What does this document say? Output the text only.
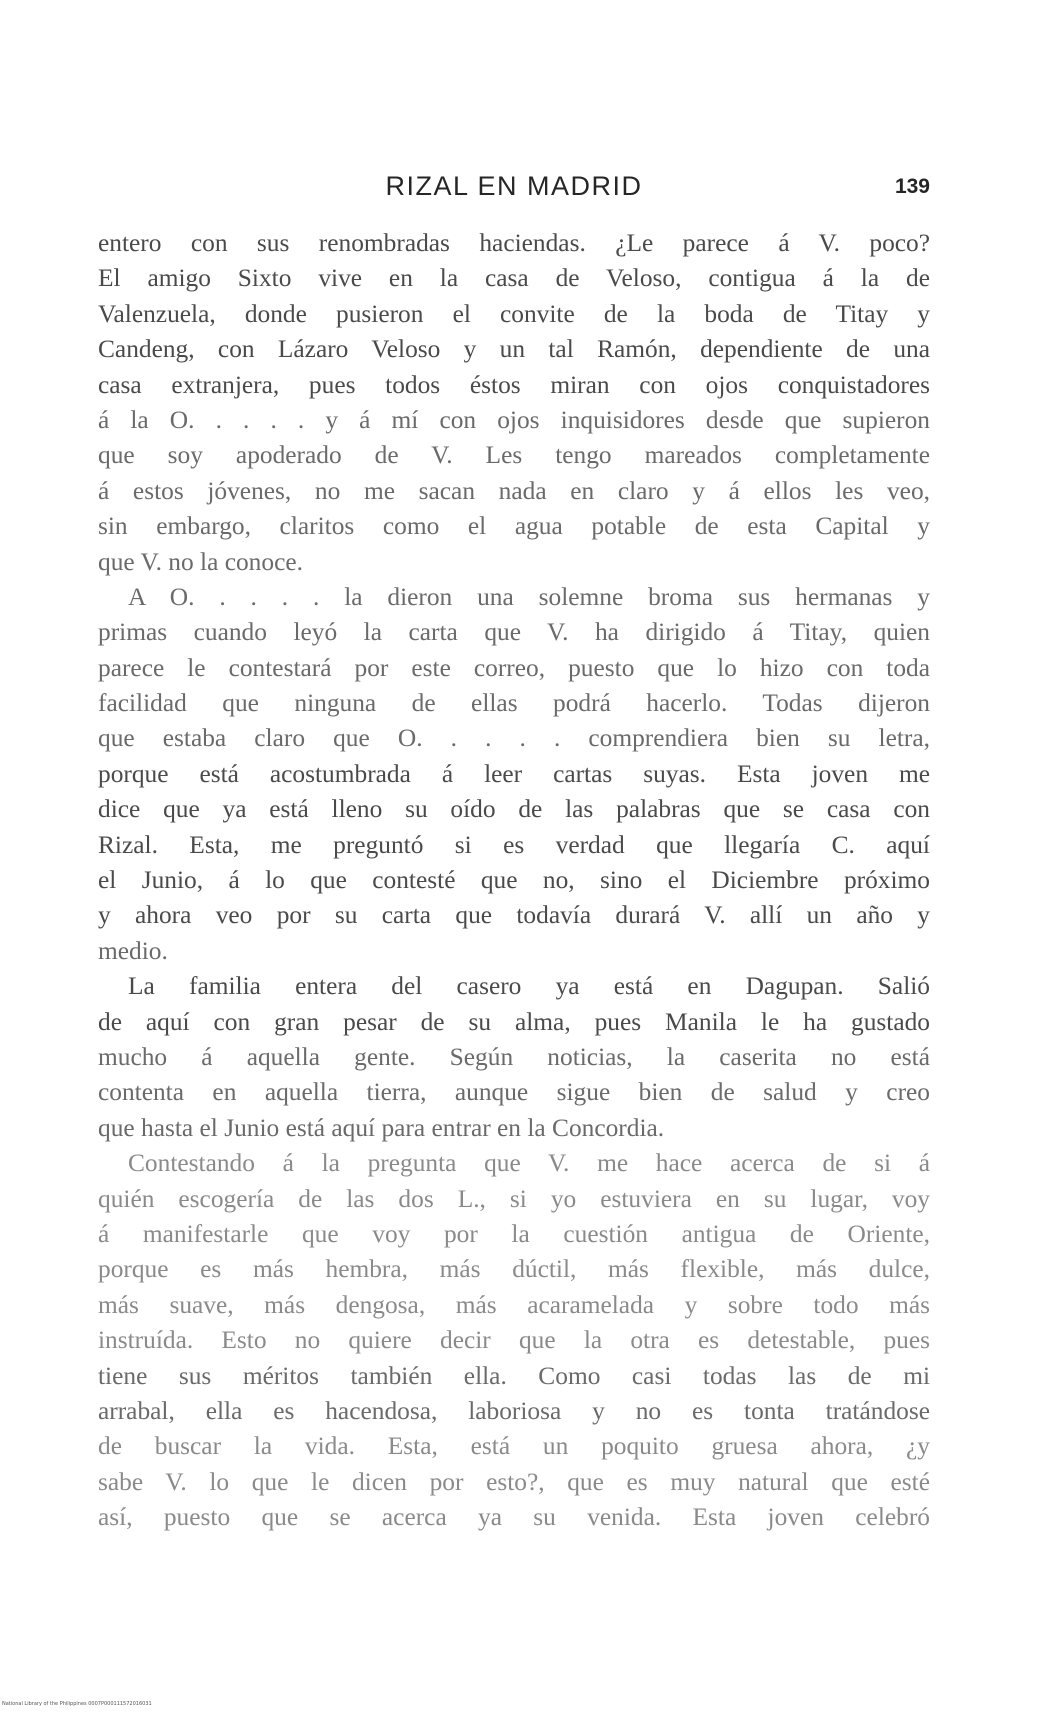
RIZAL EN MADRID	139
entero con sus renombradas haciendas. ¿Le parece á V. poco?
El amigo Sixto vive en la casa de Veloso, contigua á la de
Valenzuela, donde pusieron el convite de la boda de Titay y
Candeng, con Lázaro Veloso y un tal Ramón, dependiente de una
casa extranjera, pues todos éstos miran con ojos conquistadores
á la O. . . . . y á mí con ojos inquisidores desde que supieron
que soy apoderado de V. Les tengo mareados completamente
á estos jóvenes, no me sacan nada en claro y á ellos les veo,
sin embargo, claritos como el agua potable de esta Capital y
que V. no la conoce.
A O. . . . . la dieron una solemne broma sus hermanas y
primas cuando leyó la carta que V. ha dirigido á Titay, quien
parece le contestará por este correo, puesto que lo hizo con toda
facilidad que ninguna de ellas podrá hacerlo. Todas dijeron
que estaba claro que O. . . . . comprendiera bien su letra,
porque está acostumbrada á leer cartas suyas. Esta joven me
dice que ya está lleno su oído de las palabras que se casa con
Rizal. Esta, me preguntó si es verdad que llegaría C. aquí
el Junio, á lo que contesté que no, sino el Diciembre próximo
y ahora veo por su carta que todavía durará V. allí un año y
medio.
La familia entera del casero ya está en Dagupan. Salió
de aquí con gran pesar de su alma, pues Manila le ha gustado
mucho á aquella gente. Según noticias, la caserita no está
contenta en aquella tierra, aunque sigue bien de salud y creo
que hasta el Junio está aquí para entrar en la Concordia.
Contestando á la pregunta que V. me hace acerca de si á
quién escogería de las dos L., si yo estuviera en su lugar, voy
á manifestarle que voy por la cuestión antigua de Oriente,
porque es más hembra, más dúctil, más flexible, más dulce,
más suave, más dengosa, más acaramelada y sobre todo más
instruída. Esto no quiere decir que la otra es detestable, pues
tiene sus méritos también ella. Como casi todas las de mi
arrabal, ella es hacendosa, laboriosa y no es tonta tratándose
de buscar la vida. Esta, está un poquito gruesa ahora, ¿y
sabe V. lo que le dicen por esto?, que es muy natural que esté
así, puesto que se acerca ya su venida. Esta joven celebró
National Library of the Philippines 0007P000111572016031
